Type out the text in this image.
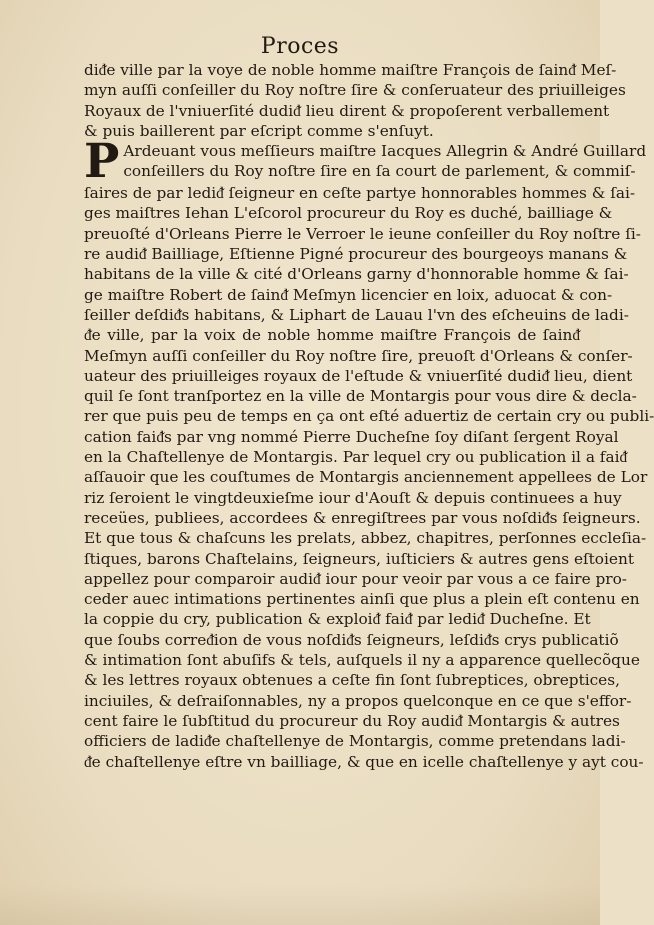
Proces
diᵭe ville par la voye de noble homme maiſtre François de ſainᵭ Meſ-
myn auſſi conſeiller du Roy noſtre ſire & conſeruateur des priuilleiges
Royaux de l'vniuerſité dudiᵭ lieu dirent & propoſerent verballement
& puis baillerent par eſcript comme s'enſuyt.
P Ardeuant vous meſſieurs maiſtre Iacques Allegrin & André Guillard
conſeillers du Roy noſtre ſire en ſa court de parlement, & commiſ-
ſaires de par lediᵭ ſeigneur en ceſte partye honnorables hommes & ſai-
ges maiſtres Iehan L'eſcorol procureur du Roy es duché, bailliage &
preuoſté d'Orleans Pierre le Verroer le ieune conſeiller du Roy noſtre ſi-
re audiᵭ Bailliage, Eſtienne Pigné procureur des bourgeoys manans &
habitans de la ville & cité d'Orleans garny d'honnorable homme & ſai-
ge maiſtre Robert de ſainᵭ Meſmyn licencier en loix, aduocat & con-
ſeiller deſdiᵭs habitans, & Liphart de Lauau l'vn des eſcheuins de ladi-
ᵭe ville, par la voix de noble homme maiſtre François de ſainᵭ
Meſmyn auſſi conſeiller du Roy noſtre ſire, preuoſt d'Orleans & conſer-
uateur des priuilleiges royaux de l'eſtude & vniuerſité dudiᵭ lieu, dient
quil ſe ſont tranſportez en la ville de Montargis pour vous dire & decla-
rer que puis peu de temps en ça ont eſté aduertiz de certain cry ou publi-
cation faiᵭs par vng nommé Pierre Ducheſne ſoy diſant ſergent Royal
en la Chaſtellenye de Montargis. Par lequel cry ou publication il a faiᵭ
aſſauoir que les couſtumes de Montargis anciennement appellees de Lor
riz ſeroient le vingtdeuxieſme iour d'Aouſt & depuis continuees a huy
receües, publiees, accordees & enregiſtrees par vous noſdiᵭs ſeigneurs.
Et que tous & chaſcuns les prelats, abbez, chapitres, perſonnes eccleſia-
ſtiques, barons Chaſtelains, ſeigneurs, iuſticiers & autres gens eſtoient
appellez pour comparoir audiᵭ iour pour veoir par vous a ce faire pro-
ceder auec intimations pertinentes ainſi que plus a plein eſt contenu en
la coppie du cry, publication & exploiᵭ faiᵭ par lediᵭ Ducheſne. Et
que ſoubs correᵭion de vous noſdiᵭs ſeigneurs, leſdiᵭs crys publicatiõ
& intimation ſont abuſifs & tels, auſquels il ny a apparence quellecõque
& les lettres royaux obtenues a ceſte fin ſont ſubreptices, obreptices,
inciuiles, & deſraiſonnables, ny a propos quelconque en ce que s'effor-
cent faire le ſubſtitud du procureur du Roy audiᵭ Montargis & autres
officiers de ladiᵭe chaſtellenye de Montargis, comme pretendans ladi-
ᵭe chaſtellenye eſtre vn bailliage, & que en icelle chaſtellenye y ayt cou-
